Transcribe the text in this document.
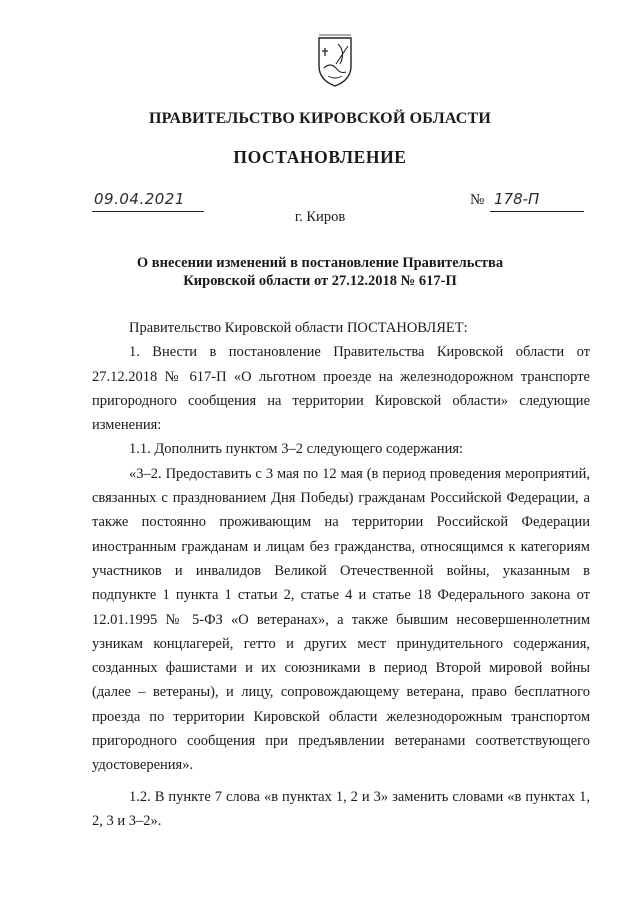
ПРАВИТЕЛЬСТВО КИРОВСКОЙ ОБЛАСТИ
ПОСТАНОВЛЕНИЕ
09.04.2021	№ 178-П
г. Киров
О внесении изменений в постановление Правительства
Кировской области от 27.12.2018 № 617-П

Правительство Кировской области ПОСТАНОВЛЯЕТ:

1. Внести в постановление Правительства Кировской области от 27.12.2018 № 617-П «О льготном проезде на железнодорожном транспорте пригородного сообщения на территории Кировской области» следующие изменения:

1.1. Дополнить пунктом 3–2 следующего содержания:

«3–2. Предоставить с 3 мая по 12 мая (в период проведения мероприятий, связанных с празднованием Дня Победы) гражданам Российской Федерации, а также постоянно проживающим на территории Российской Федерации иностранным гражданам и лицам без гражданства, относящимся к категориям участников и инвалидов Великой Отечественной войны, указанным в подпункте 1 пункта 1 статьи 2, статье 4 и статье 18 Федерального закона от 12.01.1995 № 5-ФЗ «О ветеранах», а также бывшим несовершеннолетним узникам концлагерей, гетто и других мест принудительного содержания, созданных фашистами и их союзниками в период Второй мировой войны (далее – ветераны), и лицу, сопровождающему ветерана, право бесплатного проезда по территории Кировской области железнодорожным транспортом пригородного сообщения при предъявлении ветеранами соответствующего удостоверения».

1.2. В пункте 7 слова «в пунктах 1, 2 и 3» заменить словами «в пунктах 1, 2, 3 и 3–2».
